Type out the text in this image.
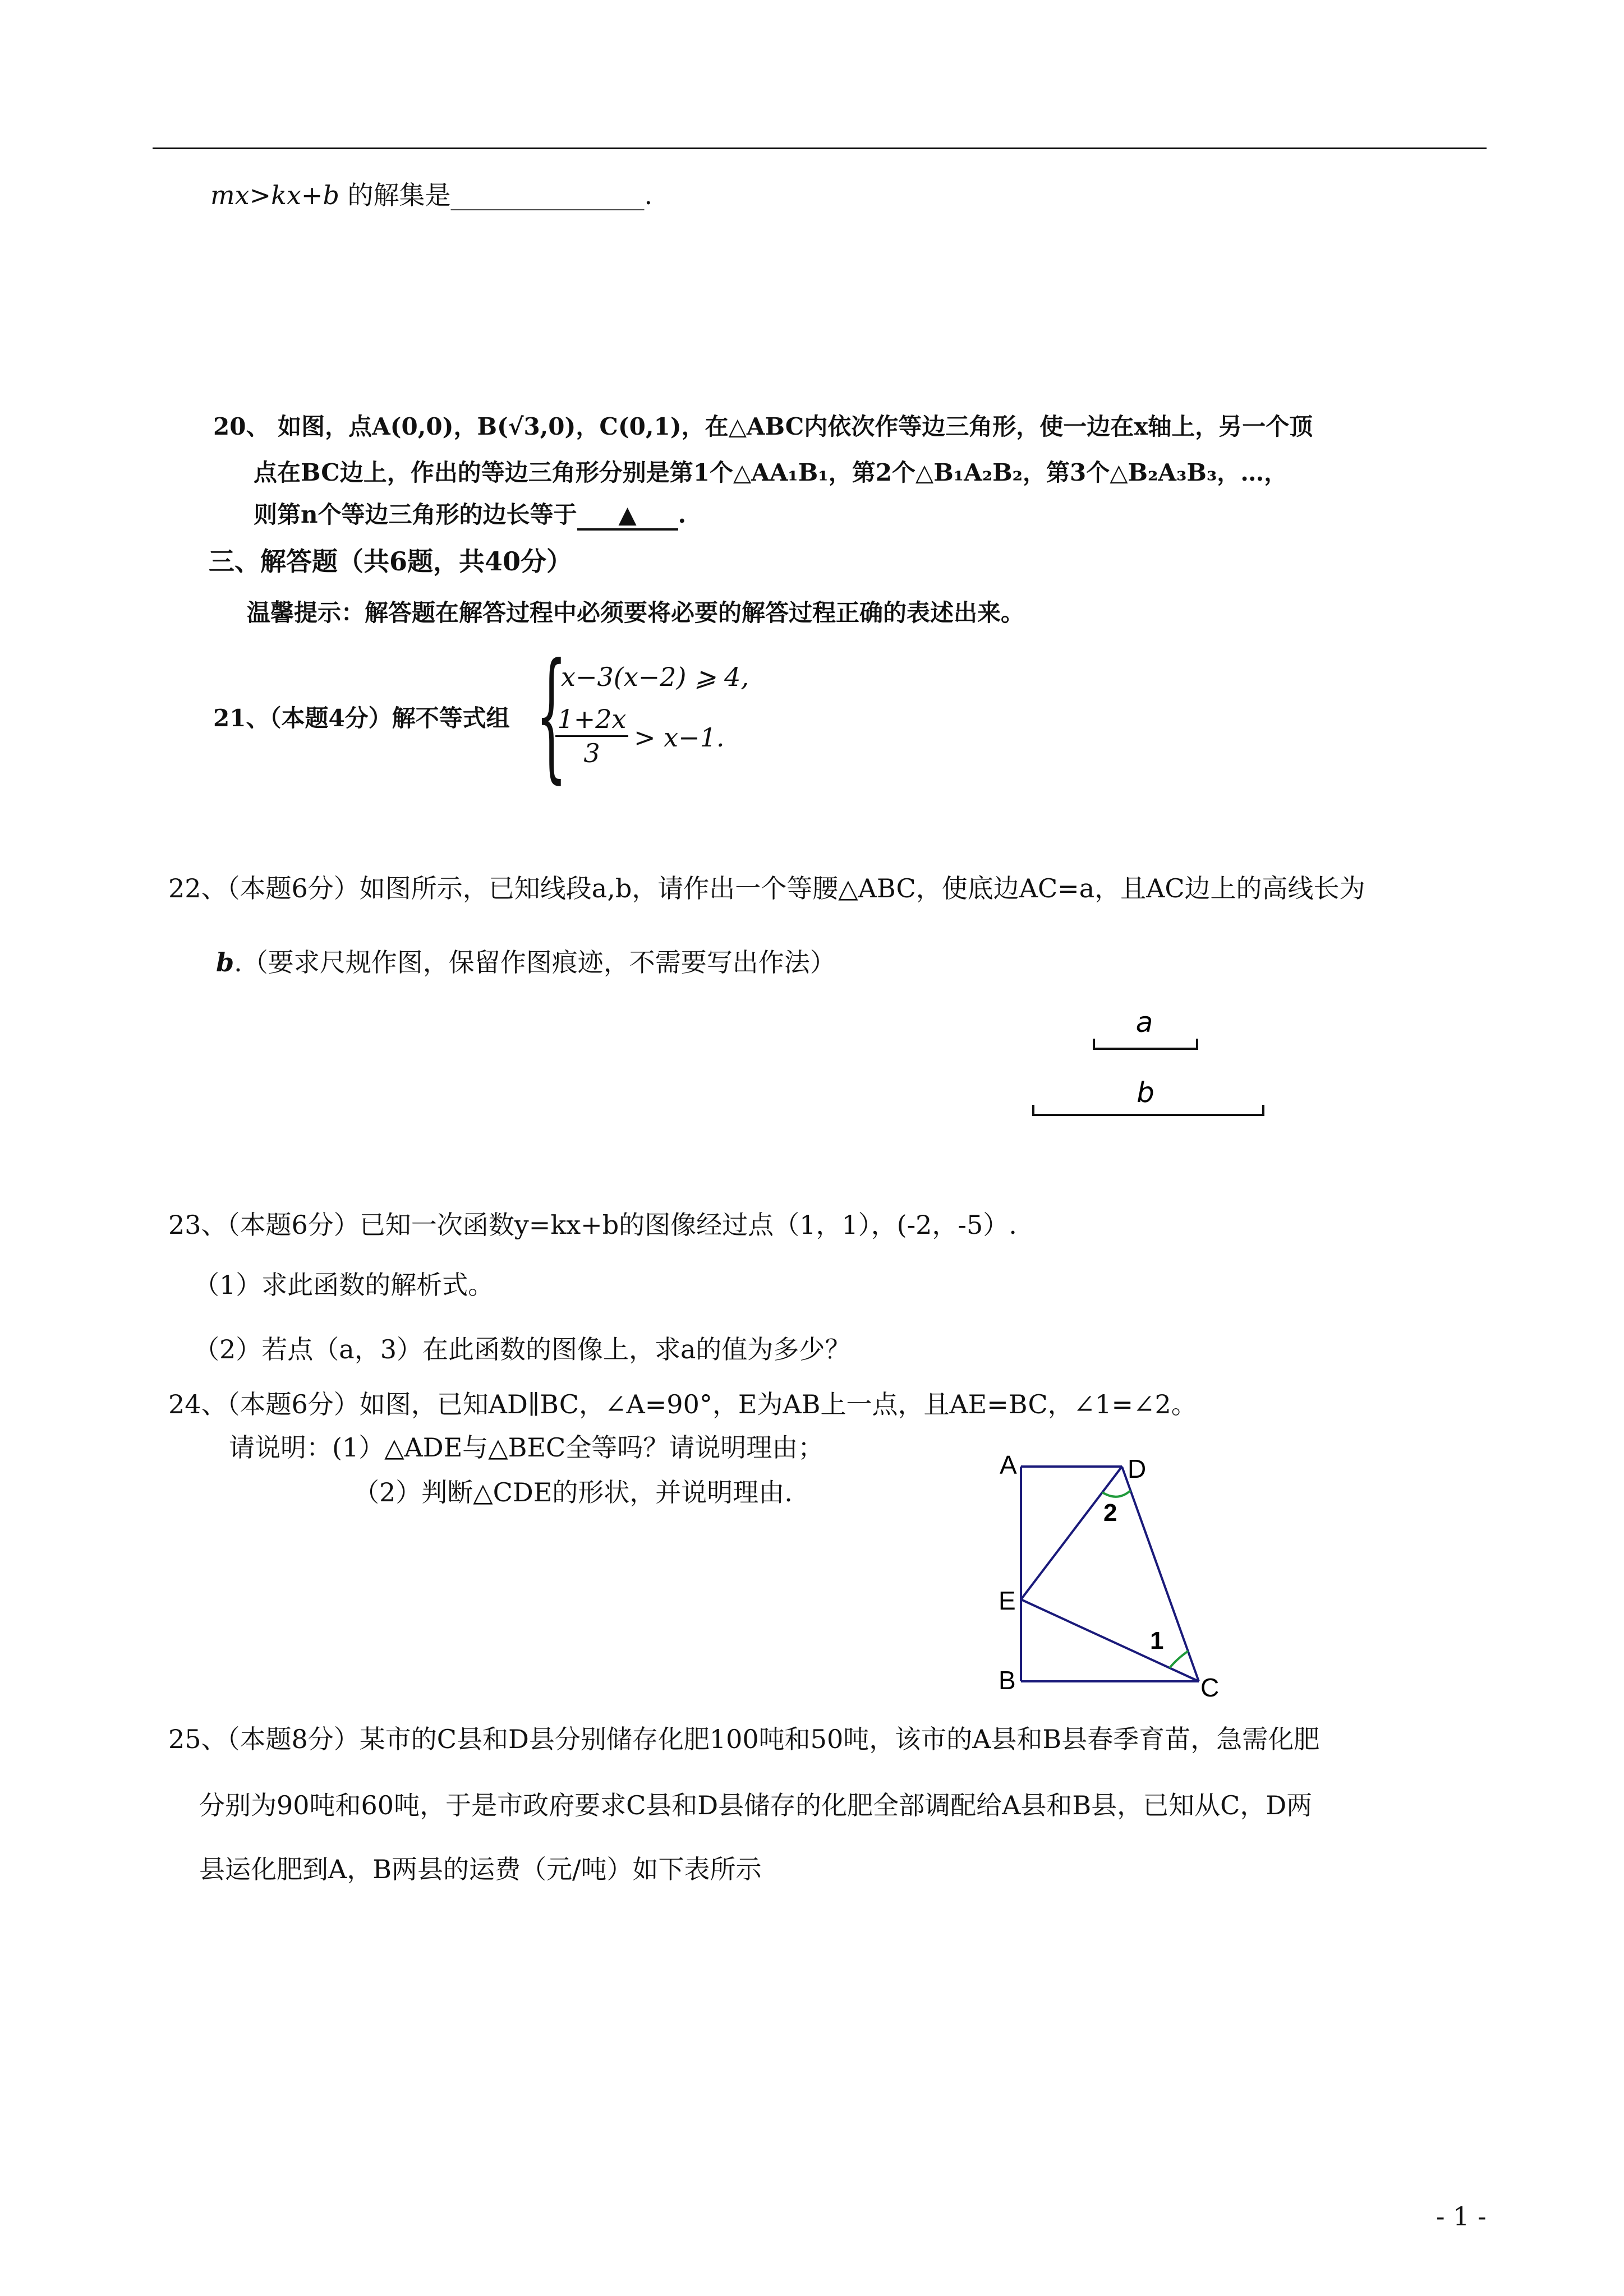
mx>kx+b 的解集是_______________.
20、 如图，点A(0,0)，B(√3,0)，C(0,1)，在△ABC内依次作等边三角形，使一边在x轴上，另一个顶
点在BC边上，作出的等边三角形分别是第1个△AA₁B₁，第2个△B₁A₂B₂，第3个△B₂A₃B₃，…，
则第n个等边三角形的边长等于 ▲ .
三、解答题（共6题，共40分）
温馨提示：解答题在解答过程中必须要将必要的解答过程正确的表述出来。
21、（本题4分）解不等式组 {
x−3(x−2) ⩾ 4,
1+2x
3
> x−1.
22、（本题6分）如图所示，已知线段a,b，请作出一个等腰△ABC，使底边AC=a，且AC边上的高线长为
b.（要求尺规作图，保留作图痕迹，不需要写出作法）
a
b
23、（本题6分）已知一次函数y=kx+b的图像经过点（1，1），(-2，-5）.
（1）求此函数的解析式。
（2）若点（a，3）在此函数的图像上，求a的值为多少？
24、（本题6分）如图，已知AD∥BC，∠A=90°，E为AB上一点，且AE=BC，∠1=∠2。
请说明：(1）△ADE与△BEC全等吗？请说明理由；
（2）判断△CDE的形状，并说明理由.
A	D
E
B	C
2
1
25、（本题8分）某市的C县和D县分别储存化肥100吨和50吨，该市的A县和B县春季育苗，急需化肥
分别为90吨和60吨，于是市政府要求C县和D县储存的化肥全部调配给A县和B县，已知从C，D两
县运化肥到A，B两县的运费（元/吨）如下表所示
- 1 -
